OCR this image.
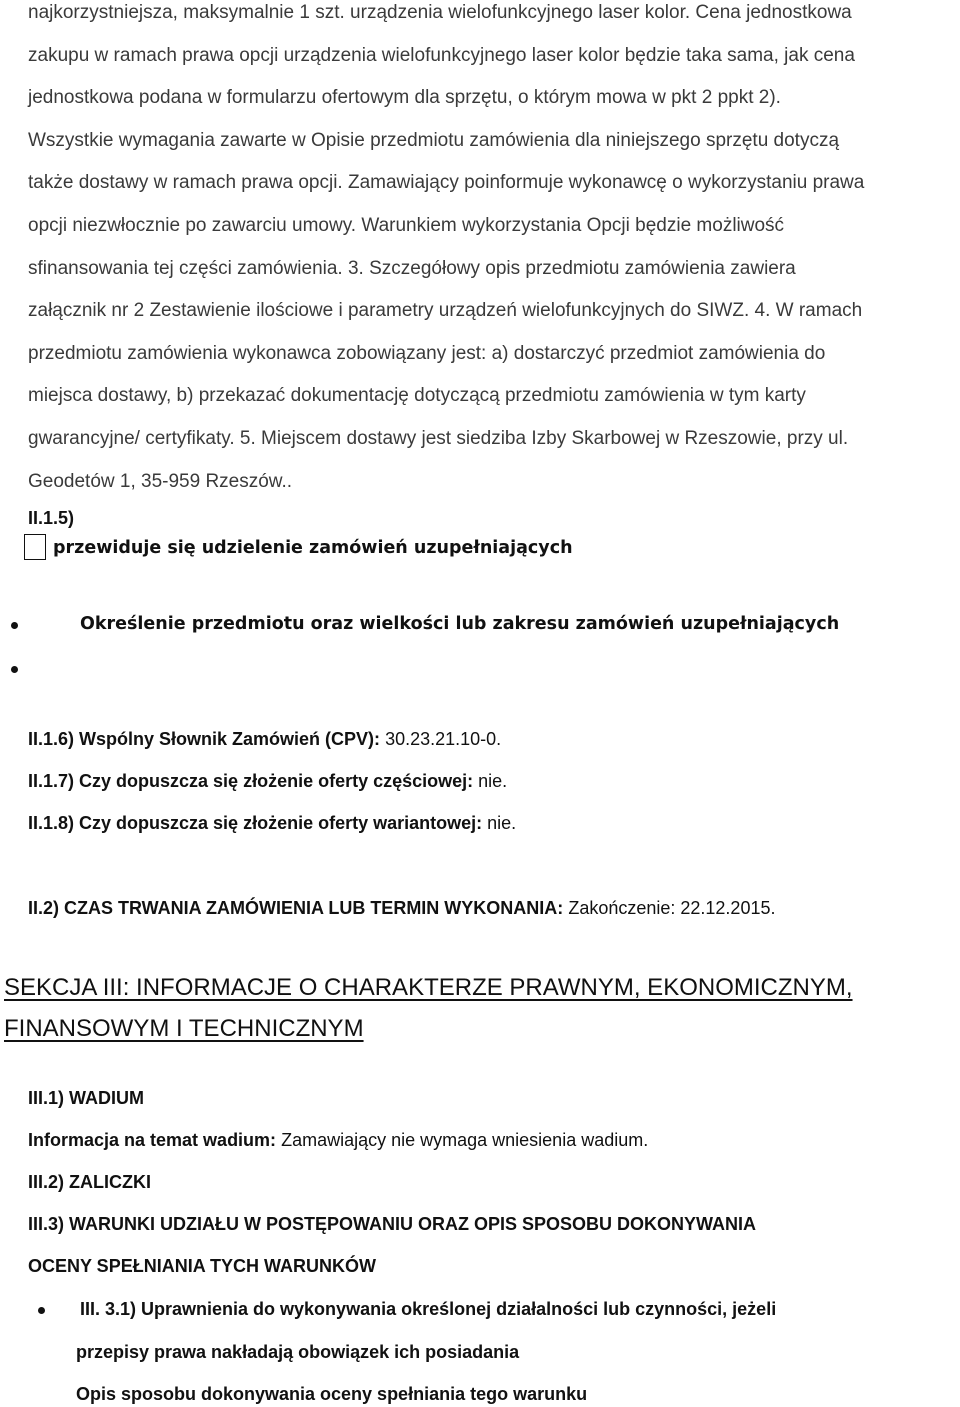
najkorzystniejsza, maksymalnie 1 szt. urządzenia wielofunkcyjnego laser kolor. Cena jednostkowa
zakupu w ramach prawa opcji urządzenia wielofunkcyjnego laser kolor będzie taka sama, jak cena
jednostkowa podana w formularzu ofertowym dla sprzętu, o którym mowa w pkt 2 ppkt 2).
Wszystkie wymagania zawarte w Opisie przedmiotu zamówienia dla niniejszego sprzętu dotyczą
także dostawy w ramach prawa opcji. Zamawiający poinformuje wykonawcę o wykorzystaniu prawa
opcji niezwłocznie po zawarciu umowy. Warunkiem wykorzystania Opcji będzie możliwość
sfinansowania tej części zamówienia. 3. Szczegółowy opis przedmiotu zamówienia zawiera
załącznik nr 2 Zestawienie ilościowe i parametry urządzeń wielofunkcyjnych do SIWZ. 4. W ramach
przedmiotu zamówienia wykonawca zobowiązany jest: a) dostarczyć przedmiot zamówienia do
miejsca dostawy, b) przekazać dokumentację dotyczącą przedmiotu zamówienia w tym karty
gwarancyjne/ certyfikaty. 5. Miejscem dostawy jest siedziba Izby Skarbowej w Rzeszowie, przy ul.
Geodetów 1, 35-959 Rzeszów..
II.1.5)
przewiduje się udzielenie zamówień uzupełniających
Określenie przedmiotu oraz wielkości lub zakresu zamówień uzupełniających
II.1.6) Wspólny Słownik Zamówień (CPV): 30.23.21.10-0.
II.1.7) Czy dopuszcza się złożenie oferty częściowej: nie.
II.1.8) Czy dopuszcza się złożenie oferty wariantowej: nie.
II.2) CZAS TRWANIA ZAMÓWIENIA LUB TERMIN WYKONANIA: Zakończenie: 22.12.2015.
SEKCJA III: INFORMACJE O CHARAKTERZE PRAWNYM, EKONOMICZNYM,
FINANSOWYM I TECHNICZNYM
III.1) WADIUM
Informacja na temat wadium: Zamawiający nie wymaga wniesienia wadium.
III.2) ZALICZKI
III.3) WARUNKI UDZIAŁU W POSTĘPOWANIU ORAZ OPIS SPOSOBU DOKONYWANIA
OCENY SPEŁNIANIA TYCH WARUNKÓW
III. 3.1) Uprawnienia do wykonywania określonej działalności lub czynności, jeżeli
przepisy prawa nakładają obowiązek ich posiadania
Opis sposobu dokonywania oceny spełniania tego warunku
